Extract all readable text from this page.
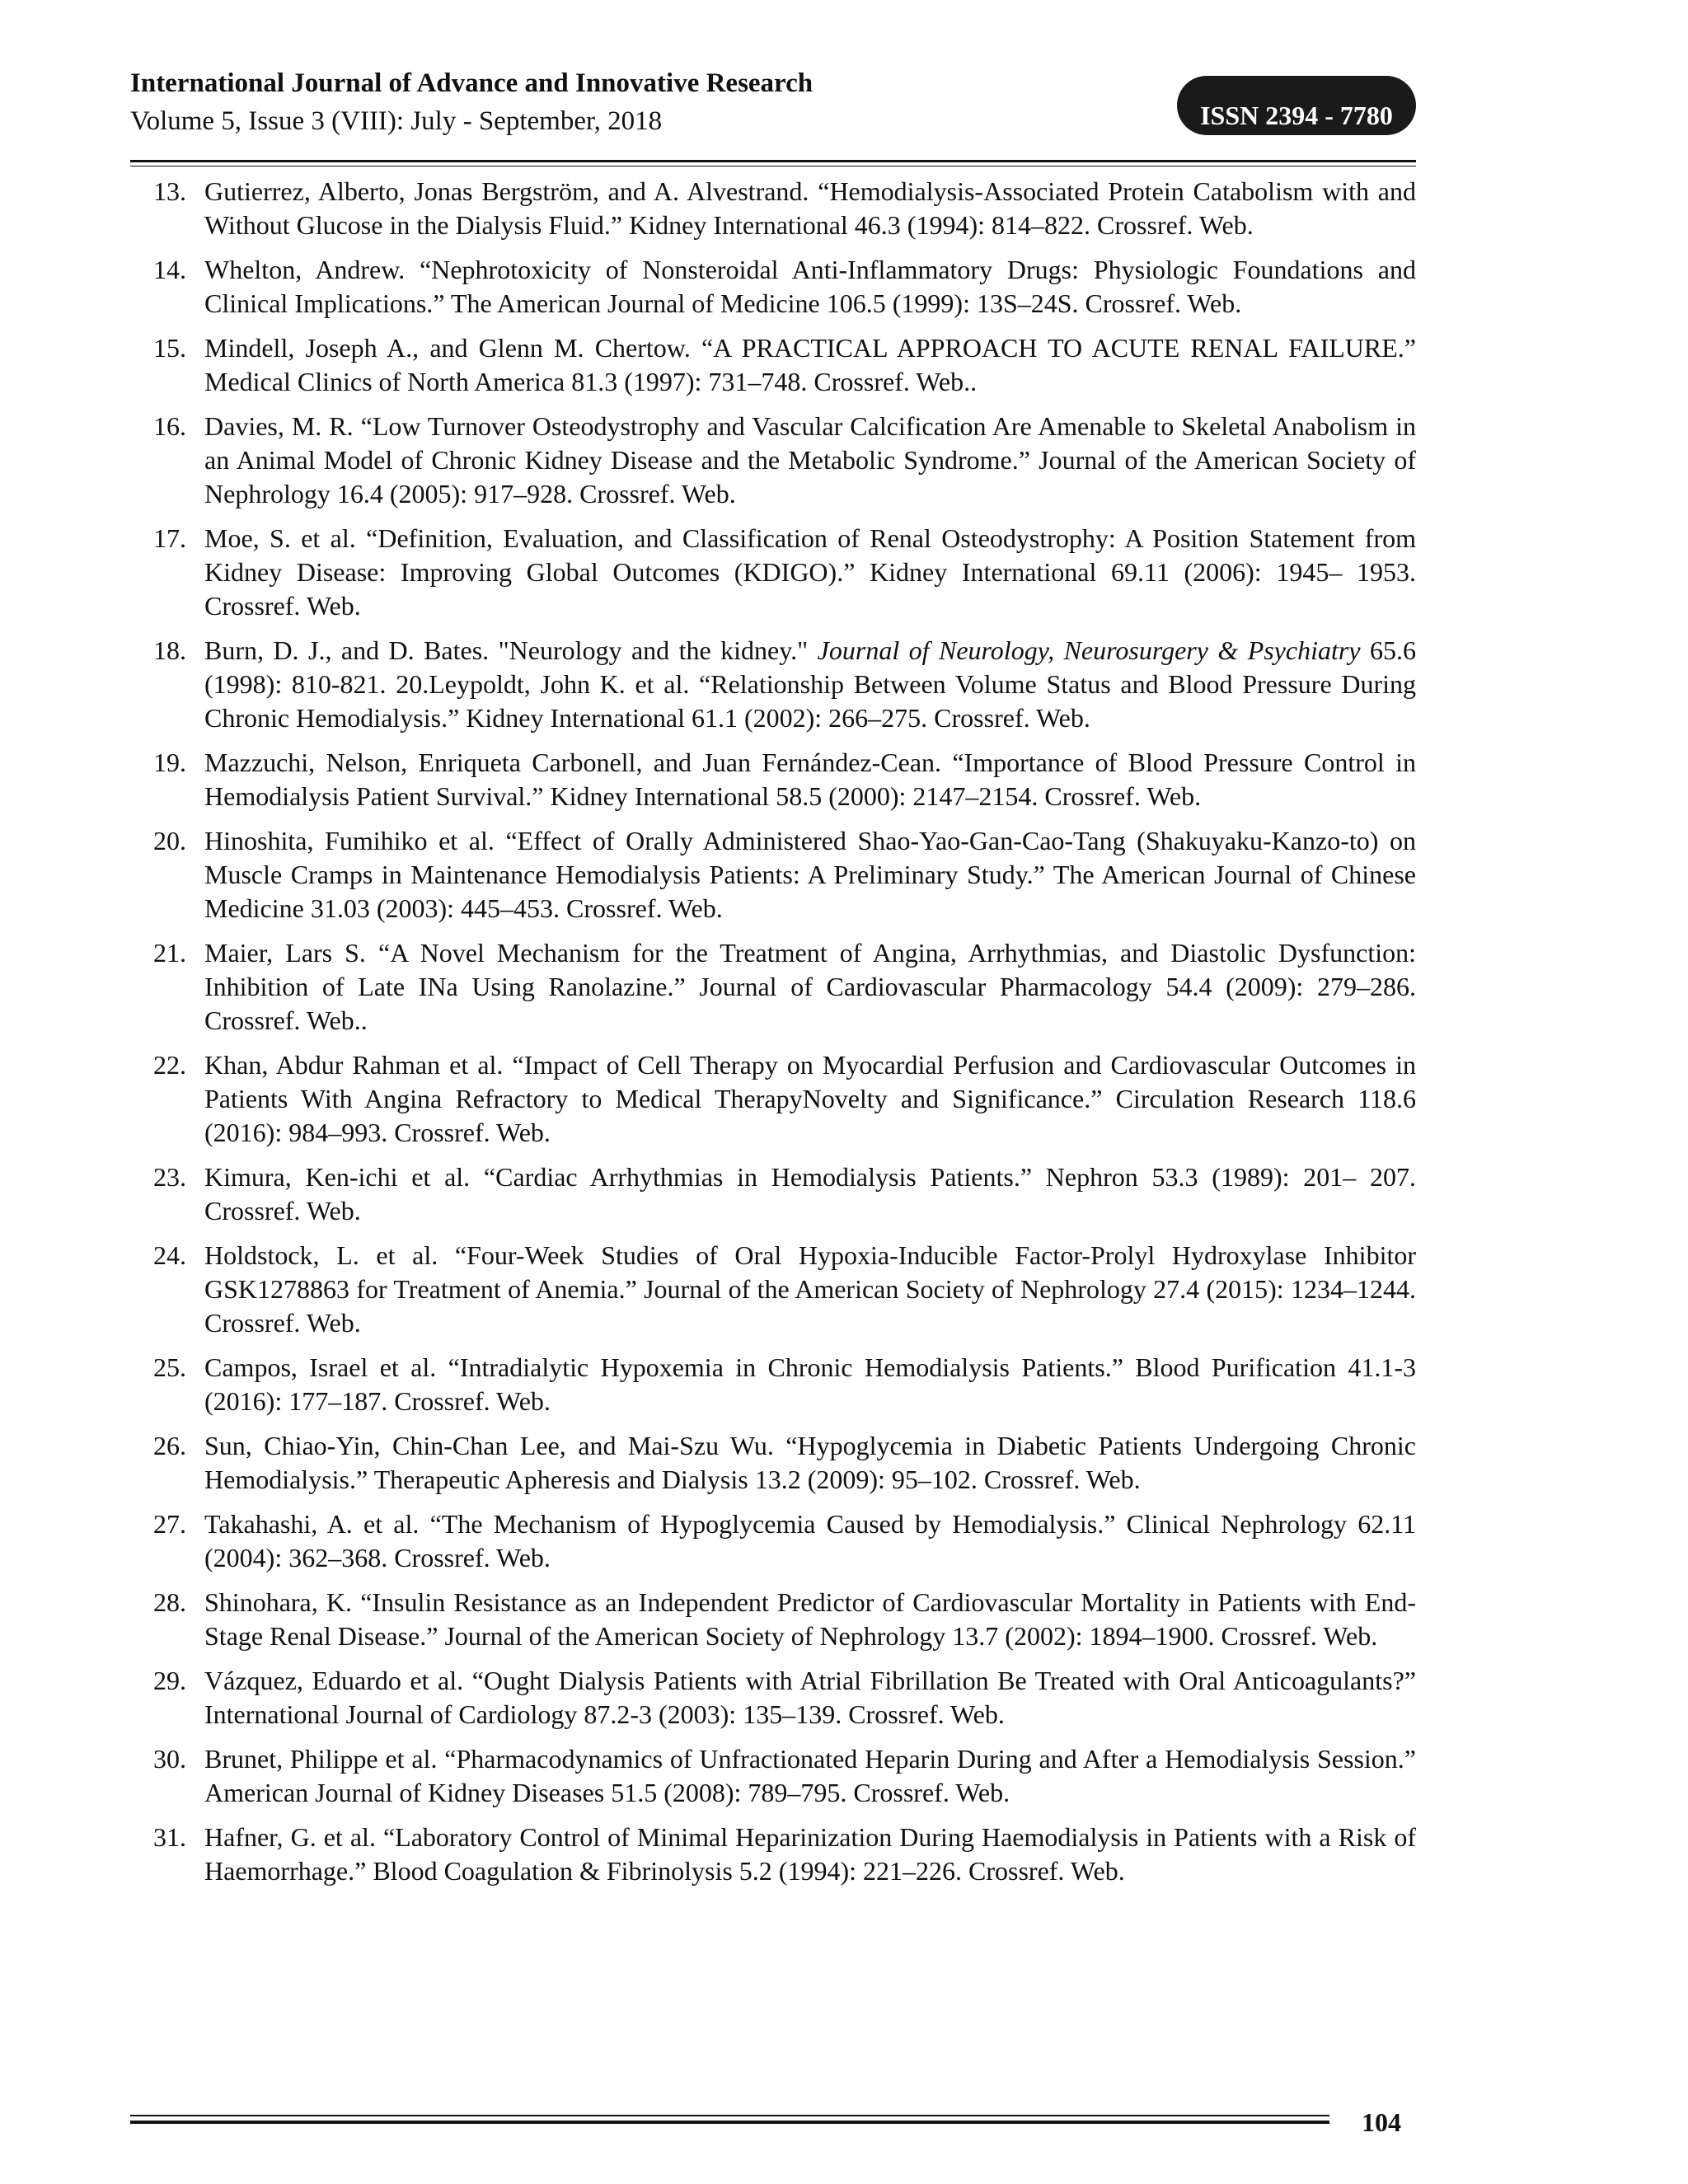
International Journal of Advance and Innovative Research

Volume 5, Issue 3 (VIII): July - September, 2018	ISSN 2394 - 7780
13. Gutierrez, Alberto, Jonas Bergström, and A. Alvestrand. “Hemodialysis-Associated Protein Catabolism with and Without Glucose in the Dialysis Fluid.” Kidney International 46.3 (1994): 814–822. Crossref. Web.
14. Whelton, Andrew. “Nephrotoxicity of Nonsteroidal Anti-Inflammatory Drugs: Physiologic Foundations and Clinical Implications.” The American Journal of Medicine 106.5 (1999): 13S–24S. Crossref. Web.
15. Mindell, Joseph A., and Glenn M. Chertow. “A PRACTICAL APPROACH TO ACUTE RENAL FAILURE.” Medical Clinics of North America 81.3 (1997): 731–748. Crossref. Web..
16. Davies, M. R. “Low Turnover Osteodystrophy and Vascular Calcification Are Amenable to Skeletal Anabolism in an Animal Model of Chronic Kidney Disease and the Metabolic Syndrome.” Journal of the American Society of Nephrology 16.4 (2005): 917–928. Crossref. Web.
17. Moe, S. et al. “Definition, Evaluation, and Classification of Renal Osteodystrophy: A Position Statement from Kidney Disease: Improving Global Outcomes (KDIGO).” Kidney International 69.11 (2006): 1945– 1953. Crossref. Web.
18. Burn, D. J., and D. Bates. "Neurology and the kidney." Journal of Neurology, Neurosurgery & Psychiatry 65.6 (1998): 810-821. 20.Leypoldt, John K. et al. “Relationship Between Volume Status and Blood Pressure During Chronic Hemodialysis.” Kidney International 61.1 (2002): 266–275. Crossref. Web.
19. Mazzuchi, Nelson, Enriqueta Carbonell, and Juan Fernández-Cean. “Importance of Blood Pressure Control in Hemodialysis Patient Survival.” Kidney International 58.5 (2000): 2147–2154. Crossref. Web.
20. Hinoshita, Fumihiko et al. “Effect of Orally Administered Shao-Yao-Gan-Cao-Tang (Shakuyaku-Kanzo-to) on Muscle Cramps in Maintenance Hemodialysis Patients: A Preliminary Study.” The American Journal of Chinese Medicine 31.03 (2003): 445–453. Crossref. Web.
21. Maier, Lars S. “A Novel Mechanism for the Treatment of Angina, Arrhythmias, and Diastolic Dysfunction: Inhibition of Late INa Using Ranolazine.” Journal of Cardiovascular Pharmacology 54.4 (2009): 279–286. Crossref. Web..
22. Khan, Abdur Rahman et al. “Impact of Cell Therapy on Myocardial Perfusion and Cardiovascular Outcomes in Patients With Angina Refractory to Medical TherapyNovelty and Significance.” Circulation Research 118.6 (2016): 984–993. Crossref. Web.
23. Kimura, Ken-ichi et al. “Cardiac Arrhythmias in Hemodialysis Patients.” Nephron 53.3 (1989): 201– 207. Crossref. Web.
24. Holdstock, L. et al. “Four-Week Studies of Oral Hypoxia-Inducible Factor-Prolyl Hydroxylase Inhibitor GSK1278863 for Treatment of Anemia.” Journal of the American Society of Nephrology 27.4 (2015): 1234–1244. Crossref. Web.
25. Campos, Israel et al. “Intradialytic Hypoxemia in Chronic Hemodialysis Patients.” Blood Purification 41.1-3 (2016): 177–187. Crossref. Web.
26. Sun, Chiao-Yin, Chin-Chan Lee, and Mai-Szu Wu. “Hypoglycemia in Diabetic Patients Undergoing Chronic Hemodialysis.” Therapeutic Apheresis and Dialysis 13.2 (2009): 95–102. Crossref. Web.
27. Takahashi, A. et al. “The Mechanism of Hypoglycemia Caused by Hemodialysis.” Clinical Nephrology 62.11 (2004): 362–368. Crossref. Web.
28. Shinohara, K. “Insulin Resistance as an Independent Predictor of Cardiovascular Mortality in Patients with End-Stage Renal Disease.” Journal of the American Society of Nephrology 13.7 (2002): 1894–1900. Crossref. Web.
29. Vázquez, Eduardo et al. “Ought Dialysis Patients with Atrial Fibrillation Be Treated with Oral Anticoagulants?” International Journal of Cardiology 87.2-3 (2003): 135–139. Crossref. Web.
30. Brunet, Philippe et al. “Pharmacodynamics of Unfractionated Heparin During and After a Hemodialysis Session.” American Journal of Kidney Diseases 51.5 (2008): 789–795. Crossref. Web.
31. Hafner, G. et al. “Laboratory Control of Minimal Heparinization During Haemodialysis in Patients with a Risk of Haemorrhage.” Blood Coagulation & Fibrinolysis 5.2 (1994): 221–226. Crossref. Web.
104
